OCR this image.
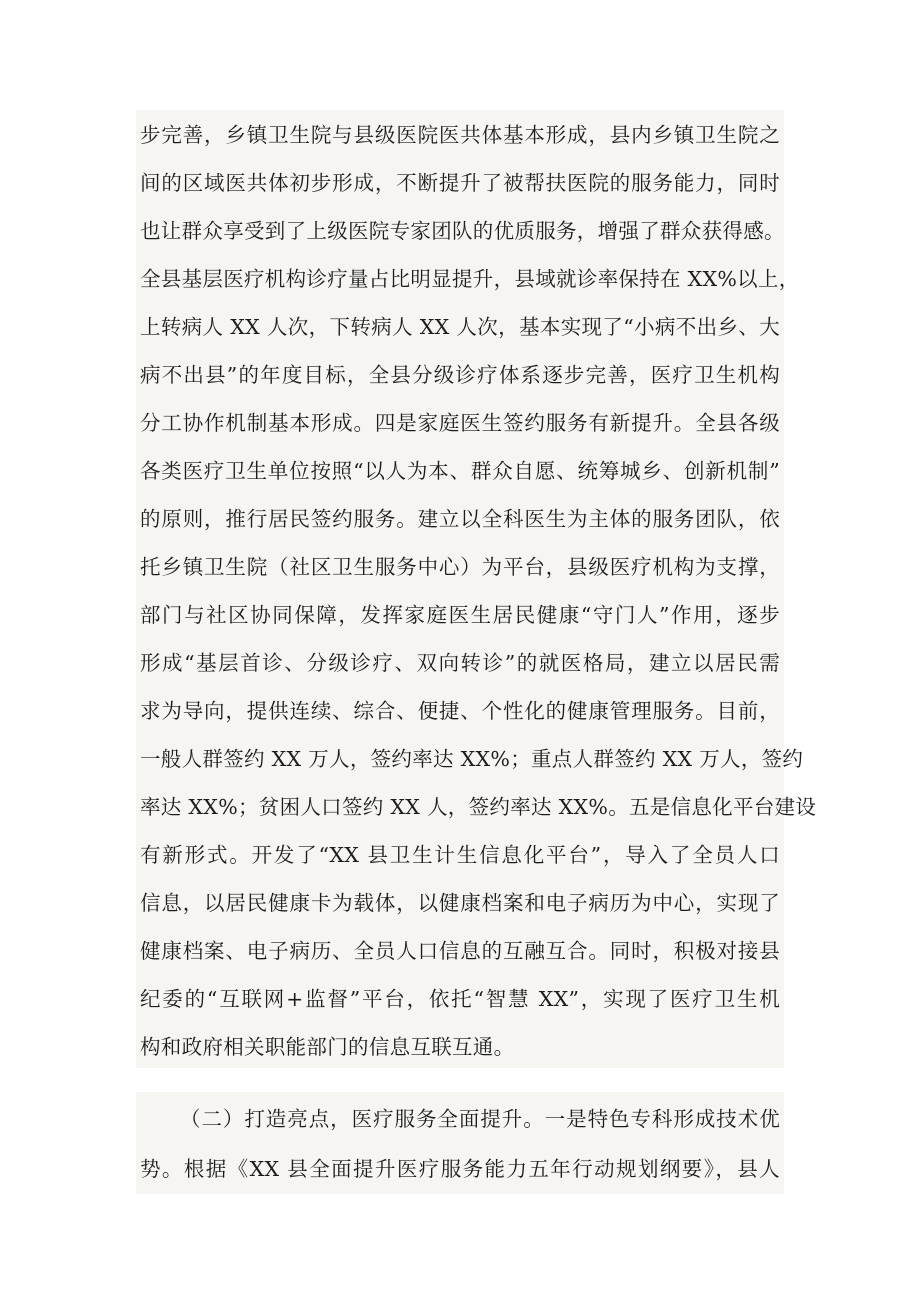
步完善，乡镇卫生院与县级医院医共体基本形成，县内乡镇卫生院之
间的区域医共体初步形成，不断提升了被帮扶医院的服务能力，同时
也让群众享受到了上级医院专家团队的优质服务，增强了群众获得感。
全县基层医疗机构诊疗量占比明显提升，县域就诊率保持在 XX%以上，
上转病人 XX 人次，下转病人 XX 人次，基本实现了“小病不出乡、大
病不出县”的年度目标，全县分级诊疗体系逐步完善，医疗卫生机构
分工协作机制基本形成。四是家庭医生签约服务有新提升。全县各级
各类医疗卫生单位按照“以人为本、群众自愿、统筹城乡、创新机制”
的原则，推行居民签约服务。建立以全科医生为主体的服务团队，依
托乡镇卫生院（社区卫生服务中心）为平台，县级医疗机构为支撑，
部门与社区协同保障，发挥家庭医生居民健康“守门人”作用，逐步
形成“基层首诊、分级诊疗、双向转诊”的就医格局，建立以居民需
求为导向，提供连续、综合、便捷、个性化的健康管理服务。目前，
一般人群签约 XX 万人，签约率达 XX%；重点人群签约 XX 万人，签约
率达 XX%；贫困人口签约 XX 人，签约率达 XX%。五是信息化平台建设
有新形式。开发了“XX 县卫生计生信息化平台”，导入了全员人口
信息，以居民健康卡为载体，以健康档案和电子病历为中心，实现了
健康档案、电子病历、全员人口信息的互融互合。同时，积极对接县
纪委的“互联网+监督”平台，依托“智慧 XX”，实现了医疗卫生机
构和政府相关职能部门的信息互联互通。
（二）打造亮点，医疗服务全面提升。一是特色专科形成技术优
势。根据《XX 县全面提升医疗服务能力五年行动规划纲要》，县人
